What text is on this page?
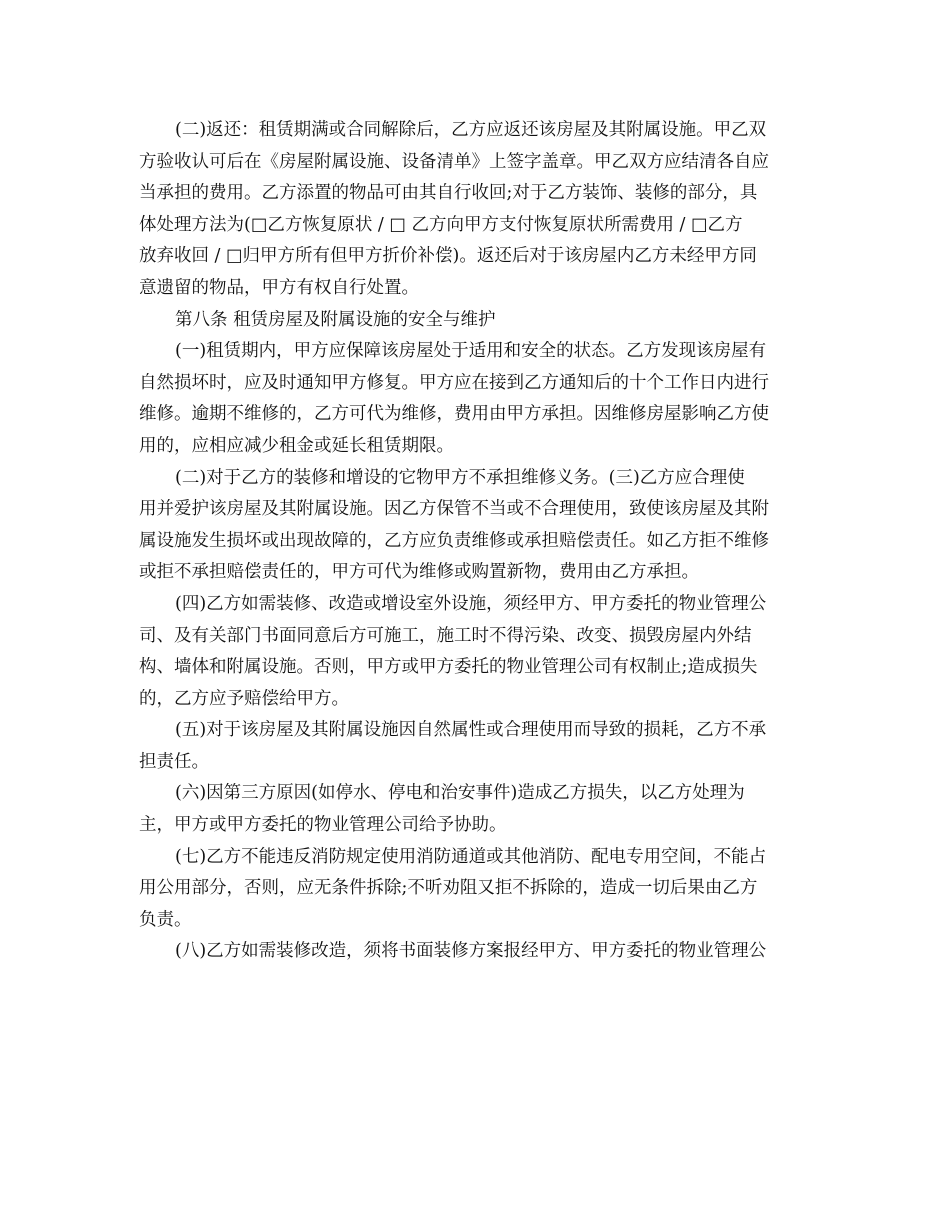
(二)返还：租赁期满或合同解除后，乙方应返还该房屋及其附属设施。甲乙双
方验收认可后在《房屋附属设施、设备清单》上签字盖章。甲乙双方应结清各自应
当承担的费用。乙方添置的物品可由其自行收回;对于乙方装饰、装修的部分，具
体处理方法为(□乙方恢复原状 / □ 乙方向甲方支付恢复原状所需费用 / □乙方
放弃收回 / □归甲方所有但甲方折价补偿)。返还后对于该房屋内乙方未经甲方同
意遗留的物品，甲方有权自行处置。
第八条 租赁房屋及附属设施的安全与维护
(一)租赁期内，甲方应保障该房屋处于适用和安全的状态。乙方发现该房屋有
自然损坏时，应及时通知甲方修复。甲方应在接到乙方通知后的十个工作日内进行
维修。逾期不维修的，乙方可代为维修，费用由甲方承担。因维修房屋影响乙方使
用的，应相应减少租金或延长租赁期限。
(二)对于乙方的装修和增设的它物甲方不承担维修义务。(三)乙方应合理使
用并爱护该房屋及其附属设施。因乙方保管不当或不合理使用，致使该房屋及其附
属设施发生损坏或出现故障的，乙方应负责维修或承担赔偿责任。如乙方拒不维修
或拒不承担赔偿责任的，甲方可代为维修或购置新物，费用由乙方承担。
(四)乙方如需装修、改造或增设室外设施，须经甲方、甲方委托的物业管理公
司、及有关部门书面同意后方可施工，施工时不得污染、改变、损毁房屋内外结
构、墙体和附属设施。否则，甲方或甲方委托的物业管理公司有权制止;造成损失
的，乙方应予赔偿给甲方。
(五)对于该房屋及其附属设施因自然属性或合理使用而导致的损耗，乙方不承
担责任。
(六)因第三方原因(如停水、停电和治安事件)造成乙方损失，以乙方处理为
主，甲方或甲方委托的物业管理公司给予协助。
(七)乙方不能违反消防规定使用消防通道或其他消防、配电专用空间，不能占
用公用部分，否则，应无条件拆除;不听劝阻又拒不拆除的，造成一切后果由乙方
负责。
(八)乙方如需装修改造，须将书面装修方案报经甲方、甲方委托的物业管理公
